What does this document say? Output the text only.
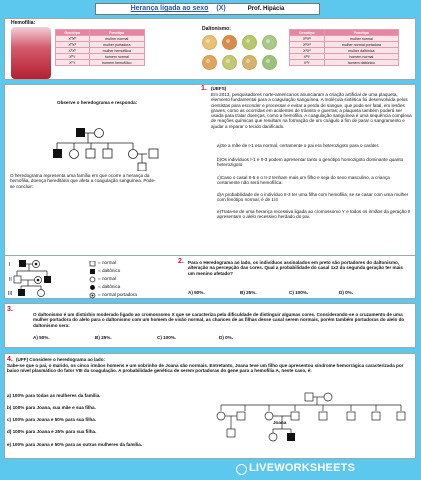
Herança ligada ao sexo (X)	Prof. Hipácia
Hemofilia:
Genótipo	Fenótipo
XᴴXᴴ	mulher normal
XᴴXʰ	mulher portadora
XʰXʰ	mulher hemofílica
XᴴY	homem normal
XʰY	homem hemofílico
Daltonismo:
Genótipo	Fenótipo
XᴰXᴰ	mulher normal
XᴰXᵈ	mulher normal portadora
XᵈXᵈ	mulher daltônica
XᴰY	homem normal
XᵈY	homem daltônico
Observe o heredograma e responda:
O heredograma representa uma família em que ocorre a herança da hemofilia, doença hereditária que afeta a coagulação sanguínea. Pode-se concluir:
1. (UEFS)
Em 2013, pesquisadores norte-americanos anunciaram a criação artificial de uma plaqueta, elemento fundamental para a coagulação sanguínea. A molécula sintética foi desenvolvida pelos cientistas para esconder e processar e evitar a perda de sangue, que pode ser fatal, em lesões graves, como as ocorridas em acidentes de trânsito e guerras; a plaqueta também poderá ser usada para tratar doenças, como a hemofilia. A coagulação sanguínea é uma sequência complexa de reações químicas que resultam na formação de um coágulo a fim de parar o sangramento e ajudar a reparar o tecido danificado.
a)Se a mãe de I-1 era normal, certamente o pai era heterozigoto para o caráter.
b)Os indivíduos I-1 e II-3 podem apresentar tanto o genótipo homozigoto dominante quanto heterozigoto
c)Caso o casal II-5 e o II-2 tenham mais um filho e seja do sexo masculino, a criança certamente não será hemofílica.
d)A probabilidade de o indivíduo II-3 ter uma filha com hemofilia, se se casar com uma mulher com fenótipo normal, é de 1/4
e)Trata-se de uma herança recessiva ligada ao cromossomo Y e todos os irmãos da geração II apresentam o alelo recessivo herdado do pai.
I
II
III
= normal
= daltônico
= normal
= daltônica
= normal portadora
2. Para o Heredograma ao lado, os indivíduos assinalados em preto são portadores do daltonismo, alteração na percepção das cores. Qual a probabilidade do casal 1x2 da segunda geração ter mais um menino afetado?
A) 50%.	B) 25%.	C) 100%.	D) 0%.
3.
O daltonismo é um distúrbio moderado ligado ao cromossomo X que se caracteriza pela dificuldade de distinguir algumas cores. Considerando-se o cruzamento de uma mulher portadora do alelo para o daltonismo com um homem de visão normal, as chances de as filhas desse casal serem normais, porém também portadoras do alelo do daltonismo sera:
A) 50%.	B) 25%.	C) 100%.	D) 0%.
4. (UFF) Considere o heredograma ao lado:
Sabe-se que o pai, o marido, os cinco irmãos homens e um sobrinho de Joana são normais. Entretanto, Joana teve um filho que apresentou síndrome hemorrágica caracterizada por baixo nível plasmático do fator VIII da coagulação. A probabilidade genética de serem portadoras do gene para a hemofilia A, neste caso, é:
a) 100% para todas as mulheres da família.
b) 100% para Joana, sua mãe e sua filha.
c) 100% para Joana e 50% para sua filha.
d) 100% para Joana e 25% para sua filha.
e) 100% para Joana e 50% para as outras mulheres da família.
Joana
LIVEWORKSHEETS
